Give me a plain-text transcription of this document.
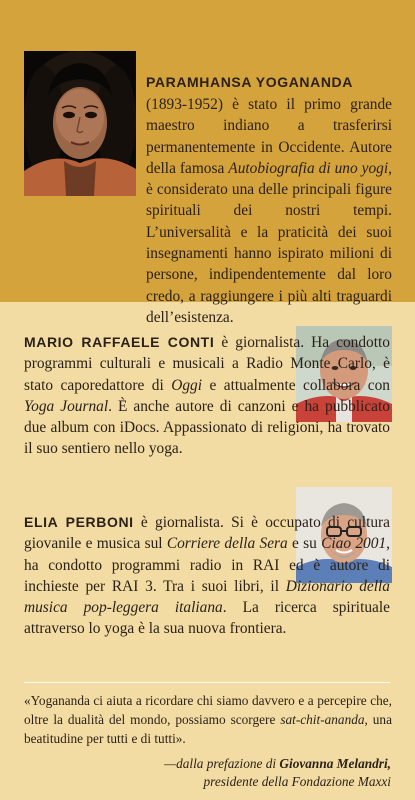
PARAMHANSA YOGANANDA

(1893-1952) è stato il primo grande maestro indiano a trasferirsi permanentemente in Occidente. Autore della famosa Autobiografia di uno yogi, è considerato una delle principali figure spirituali dei nostri tempi. L’universalità e la praticità dei suoi insegnamenti hanno ispirato milioni di persone, indipendentemente dal loro credo, a raggiungere i più alti traguardi dell’esistenza.

MARIO RAFFAELE CONTI è giornalista. Ha condotto programmi culturali e musicali a Radio Monte Carlo, è stato caporedattore di Oggi e attualmente collabora con Yoga Journal. È anche autore di canzoni e ha pubblicato due album con iDocs. Appassionato di religioni, ha trovato il suo sentiero nello yoga.

ELIA PERBONI è giornalista. Si è occupato di cultura giovanile e musica sul Corriere della Sera e su Ciao 2001, ha condotto programmi radio in RAI ed è autore di inchieste per RAI 3. Tra i suoi libri, il Dizionario della musica pop-leggera italiana. La ricerca spirituale attraverso lo yoga è la sua nuova frontiera.

«Yogananda ci aiuta a ricordare chi siamo davvero e a percepire che, oltre la dualità del mondo, possiamo scorgere sat-chit-ananda, una beatitudine per tutti e di tutti».

—dalla prefazione di Giovanna Melandri,
presidente della Fondazione Maxxi
